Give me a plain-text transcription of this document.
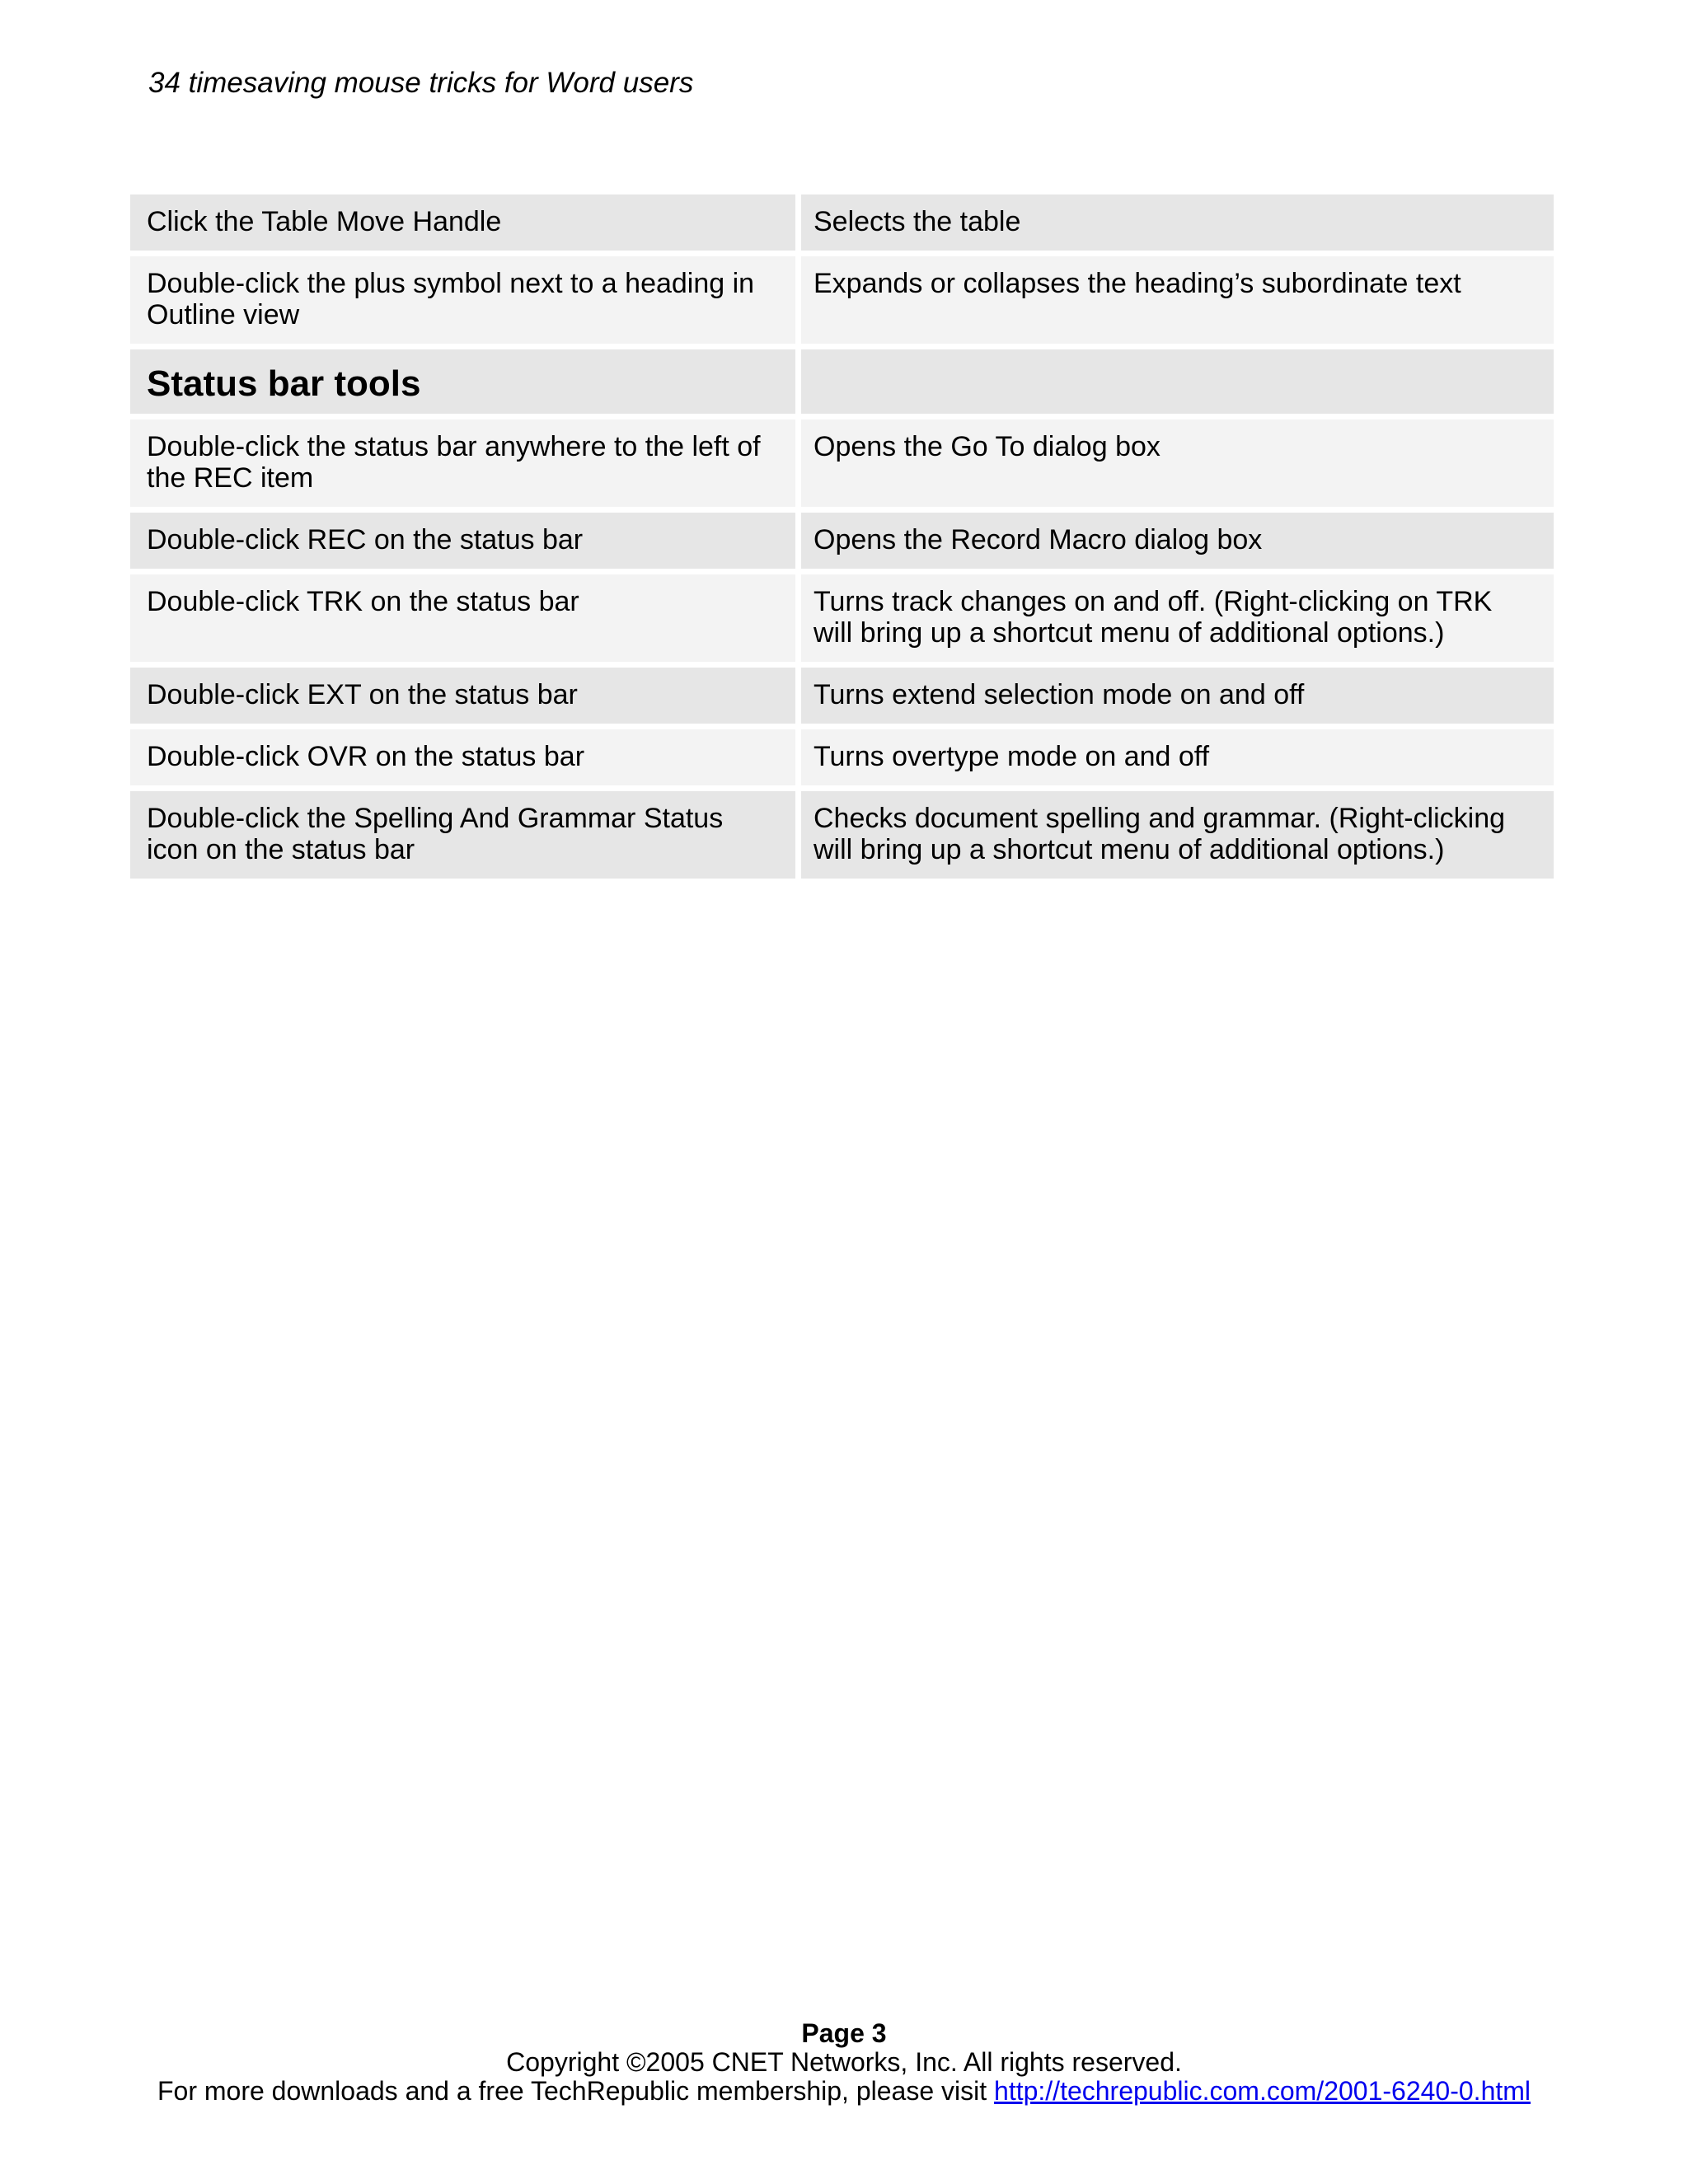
34 timesaving mouse tricks for Word users
Click the Table Move Handle	Selects the table
Double-click the plus symbol next to a heading in Outline view	Expands or collapses the heading’s subordinate text
Status bar tools	
Double-click the status bar anywhere to the left of the REC item	Opens the Go To dialog box
Double-click REC on the status bar	Opens the Record Macro dialog box
Double-click TRK on the status bar	Turns track changes on and off. (Right-clicking on TRK will bring up a shortcut menu of additional options.)
Double-click EXT on the status bar	Turns extend selection mode on and off
Double-click OVR on the status bar	Turns overtype mode on and off
Double-click the Spelling And Grammar Status icon on the status bar	Checks document spelling and grammar. (Right-clicking will bring up a shortcut menu of additional options.)
Page 3
Copyright ©2005 CNET Networks, Inc. All rights reserved.
For more downloads and a free TechRepublic membership, please visit http://techrepublic.com.com/2001-6240-0.html
